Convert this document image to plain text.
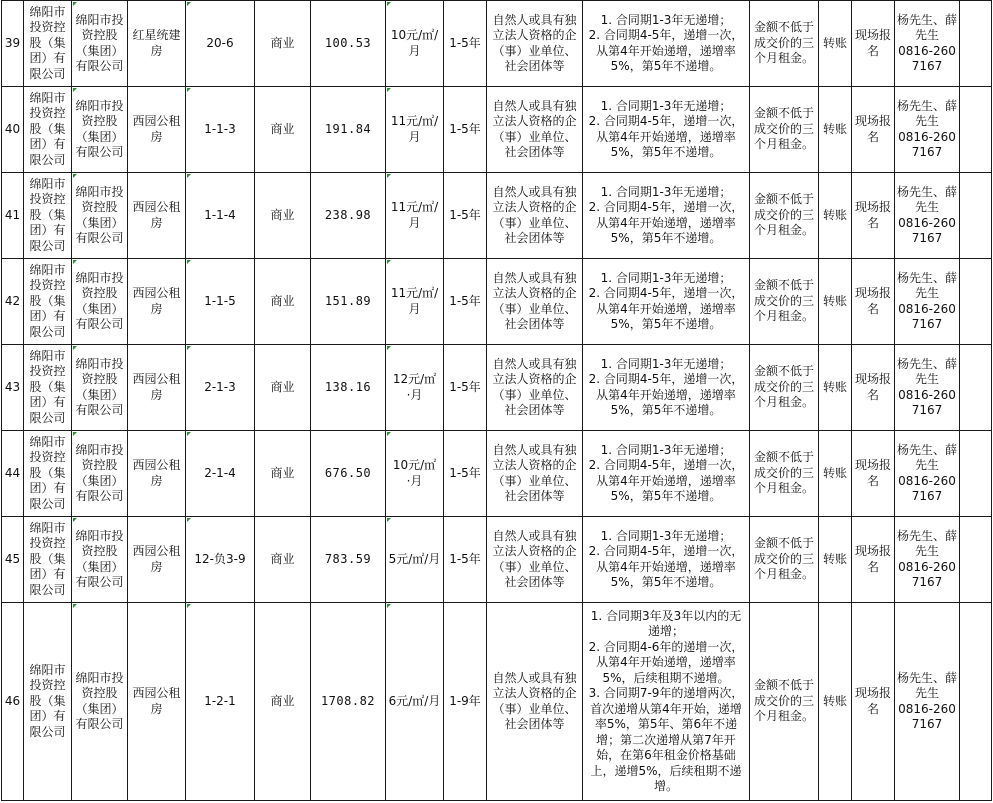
39	绵阳市投资控股（集团）有限公司	绵阳市投资控股（集团）有限公司	红星统建房	20-6	商业	100.53	10元/㎡/月	1-5年	自然人或具有独立法人资格的企（事）业单位、社会团体等	1. 合同期1-3年无递增；
2. 合同期4-5年，递增一次，从第4年开始递增，递增率5%，第5年不递增。	金额不低于成交价的三个月租金。	转账	现场报名	杨先生、薛先生
0816-2607167	

40	绵阳市投资控股（集团）有限公司	绵阳市投资控股（集团）有限公司	西园公租房	1-1-3	商业	191.84	11元/㎡/月	1-5年	自然人或具有独立法人资格的企（事）业单位、社会团体等	1. 合同期1-3年无递增；
2. 合同期4-5年，递增一次，从第4年开始递增，递增率5%，第5年不递增。	金额不低于成交价的三个月租金。	转账	现场报名	杨先生、薛先生
0816-2607167	

41	绵阳市投资控股（集团）有限公司	绵阳市投资控股（集团）有限公司	西园公租房	1-1-4	商业	238.98	11元/㎡/月	1-5年	自然人或具有独立法人资格的企（事）业单位、社会团体等	1. 合同期1-3年无递增；
2. 合同期4-5年，递增一次，从第4年开始递增，递增率5%，第5年不递增。	金额不低于成交价的三个月租金。	转账	现场报名	杨先生、薛先生
0816-2607167	

42	绵阳市投资控股（集团）有限公司	绵阳市投资控股（集团）有限公司	西园公租房	1-1-5	商业	151.89	11元/㎡/月	1-5年	自然人或具有独立法人资格的企（事）业单位、社会团体等	1. 合同期1-3年无递增；
2. 合同期4-5年，递增一次，从第4年开始递增，递增率5%，第5年不递增。	金额不低于成交价的三个月租金。	转账	现场报名	杨先生、薛先生
0816-2607167	

43	绵阳市投资控股（集团）有限公司	绵阳市投资控股（集团）有限公司	西园公租房	2-1-3	商业	138.16	12元/㎡
·月	1-5年	自然人或具有独立法人资格的企（事）业单位、社会团体等	1. 合同期1-3年无递增；
2. 合同期4-5年，递增一次，从第4年开始递增，递增率5%，第5年不递增。	金额不低于成交价的三个月租金。	转账	现场报名	杨先生、薛先生
0816-2607167	

44	绵阳市投资控股（集团）有限公司	绵阳市投资控股（集团）有限公司	西园公租房	2-1-4	商业	676.50	10元/㎡
·月	1-5年	自然人或具有独立法人资格的企（事）业单位、社会团体等	1. 合同期1-3年无递增；
2. 合同期4-5年，递增一次，从第4年开始递增，递增率5%，第5年不递增。	金额不低于成交价的三个月租金。	转账	现场报名	杨先生、薛先生
0816-2607167	

45	绵阳市投资控股（集团）有限公司	绵阳市投资控股（集团）有限公司	西园公租房	12-负3-9	商业	783.59	5元/㎡/月	1-5年	自然人或具有独立法人资格的企（事）业单位、社会团体等	1. 合同期1-3年无递增；
2. 合同期4-5年，递增一次，从第4年开始递增，递增率5%，第5年不递增。	金额不低于成交价的三个月租金。	转账	现场报名	杨先生、薛先生
0816-2607167	

46	绵阳市投资控股（集团）有限公司	绵阳市投资控股（集团）有限公司	西园公租房	1-2-1	商业	1708.82	6元/㎡/月	1-9年	自然人或具有独立法人资格的企（事）业单位、社会团体等	1. 合同期3年及3年以内的无递增；
2. 合同期4-6年的递增一次，从第4年开始递增，递增率5%，后续租期不递增。
3. 合同期7-9年的递增两次，首次递增从第4年开始，递增率5%，第5年、第6年不递增；第二次递增从第7年开始，在第6年租金价格基础上，递增5%，后续租期不递增。	金额不低于成交价的三个月租金。	转账	现场报名	杨先生、薛先生
0816-2607167	
